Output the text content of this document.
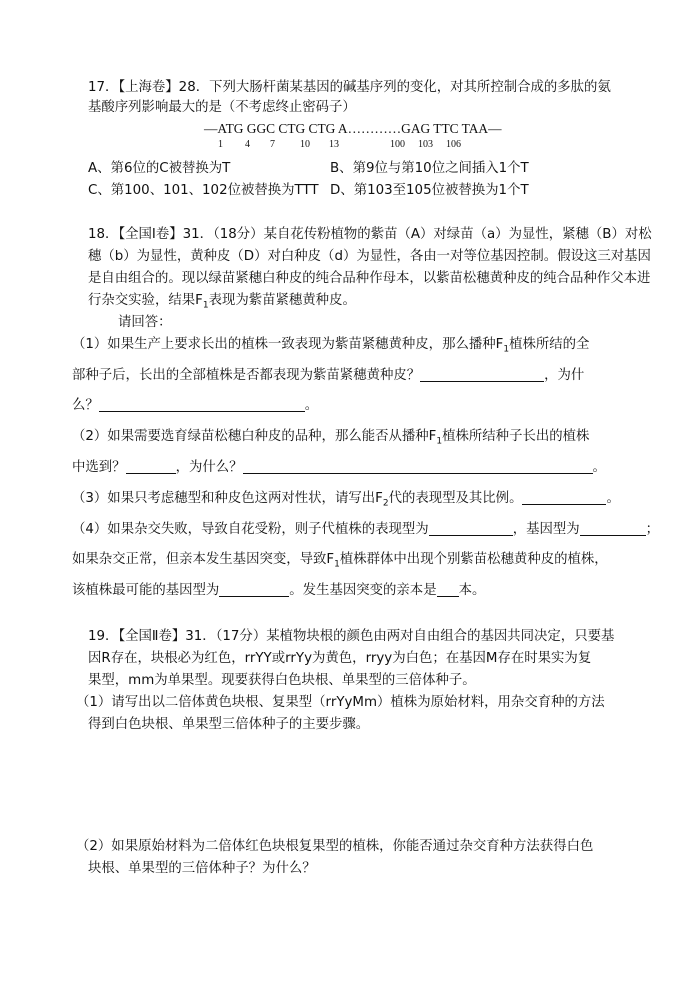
17．【上海卷】28．下列大肠杆菌某基因的碱基序列的变化，对其所控制合成的多肽的氨
基酸序列影响最大的是（不考虑终止密码子）
—ATG GGC CTG CTG A…………GAG TTC TAA—
1 4 7	10 13	100 103 106
A、第6位的C被替换为T	B、第9位与第10位之间插入1个T
C、第100、101、102位被替换为TTT D、第103至105位被替换为1个T
18．【全国Ⅰ卷】31．（18分）某自花传粉植物的紫苗（A）对绿苗（a）为显性，紧穗（B）对松
穗（b）为显性，黄种皮（D）对白种皮（d）为显性，各由一对等位基因控制。假设这三对基因
是自由组合的。现以绿苗紧穗白种皮的纯合品种作母本，以紫苗松穗黄种皮的纯合品种作父本进
行杂交实验，结果$F_1$表现为紫苗紧穗黄种皮。
请回答：
（1）如果生产上要求长出的植株一致表现为紫苗紧穗黄种皮，那么播种$F_1$植株所结的全
部种子后，长出的全部植株是否都表现为紫苗紧穗黄种皮？	，为什
么？	。
（2）如果需要选育绿苗松穗白种皮的品种，那么能否从播种$F_1$植株所结种子长出的植株
中选到？	，为什么？	。
（3）如果只考虑穗型和种皮色这两对性状，请写出$F_2$代的表现型及其比例。	。
（4）如果杂交失败，导致自花受粉，则子代植株的表现型为	，基因型为	；
如果杂交正常，但亲本发生基因突变，导致$F_1$植株群体中出现个别紫苗松穗黄种皮的植株，
该植株最可能的基因型为	。发生基因突变的亲本是 本。
19．【全国Ⅱ卷】31．（17分）某植物块根的颜色由两对自由组合的基因共同决定，只要基
因R存在，块根必为红色，rrYY或rrYy为黄色，rryy为白色；在基因M存在时果实为复
果型，mm为单果型。现要获得白色块根、单果型的三倍体种子。
（1）请写出以二倍体黄色块根、复果型（rrYyMm）植株为原始材料，用杂交育种的方法
得到白色块根、单果型三倍体种子的主要步骤。
（2）如果原始材料为二倍体红色块根复果型的植株，你能否通过杂交育种方法获得白色
块根、单果型的三倍体种子？为什么？
